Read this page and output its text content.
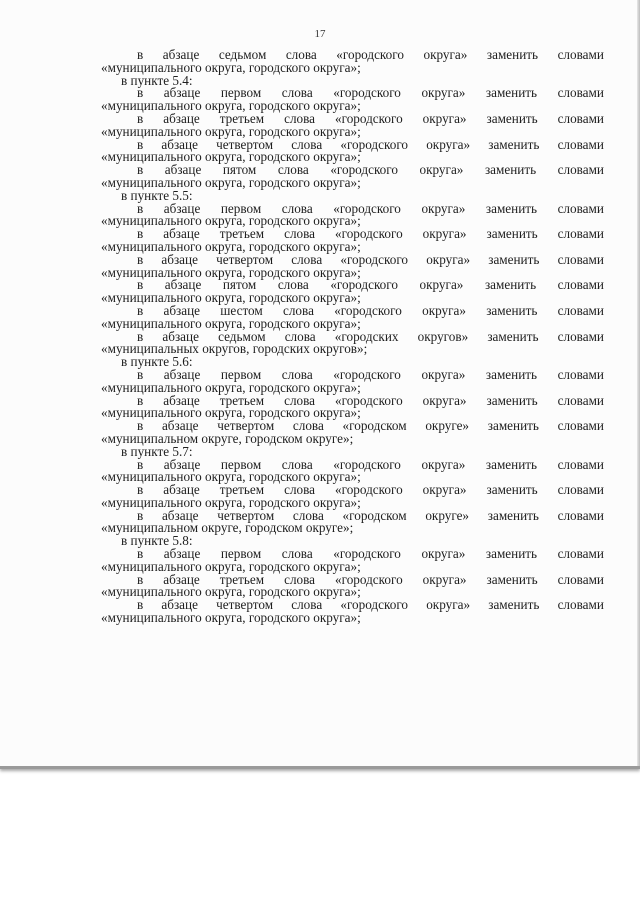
17
в абзаце седьмом слова «городского округа» заменить словами
«муниципального округа, городского округа»;
в пункте 5.4:
в абзаце первом слова «городского округа» заменить словами
«муниципального округа, городского округа»;
в абзаце третьем слова «городского округа» заменить словами
«муниципального округа, городского округа»;
в абзаце четвертом слова «городского округа» заменить словами
«муниципального округа, городского округа»;
в абзаце пятом слова «городского округа» заменить словами
«муниципального округа, городского округа»;
в пункте 5.5:
в абзаце первом слова «городского округа» заменить словами
«муниципального округа, городского округа»;
в абзаце третьем слова «городского округа» заменить словами
«муниципального округа, городского округа»;
в абзаце четвертом слова «городского округа» заменить словами
«муниципального округа, городского округа»;
в абзаце пятом слова «городского округа» заменить словами
«муниципального округа, городского округа»;
в абзаце шестом слова «городского округа» заменить словами
«муниципального округа, городского округа»;
в абзаце седьмом слова «городских округов» заменить словами
«муниципальных округов, городских округов»;
в пункте 5.6:
в абзаце первом слова «городского округа» заменить словами
«муниципального округа, городского округа»;
в абзаце третьем слова «городского округа» заменить словами
«муниципального округа, городского округа»;
в абзаце четвертом слова «городском округе» заменить словами
«муниципальном округе, городском округе»;
в пункте 5.7:
в абзаце первом слова «городского округа» заменить словами
«муниципального округа, городского округа»;
в абзаце третьем слова «городского округа» заменить словами
«муниципального округа, городского округа»;
в абзаце четвертом слова «городском округе» заменить словами
«муниципальном округе, городском округе»;
в пункте 5.8:
в абзаце первом слова «городского округа» заменить словами
«муниципального округа, городского округа»;
в абзаце третьем слова «городского округа» заменить словами
«муниципального округа, городского округа»;
в абзаце четвертом слова «городского округа» заменить словами
«муниципального округа, городского округа»;
